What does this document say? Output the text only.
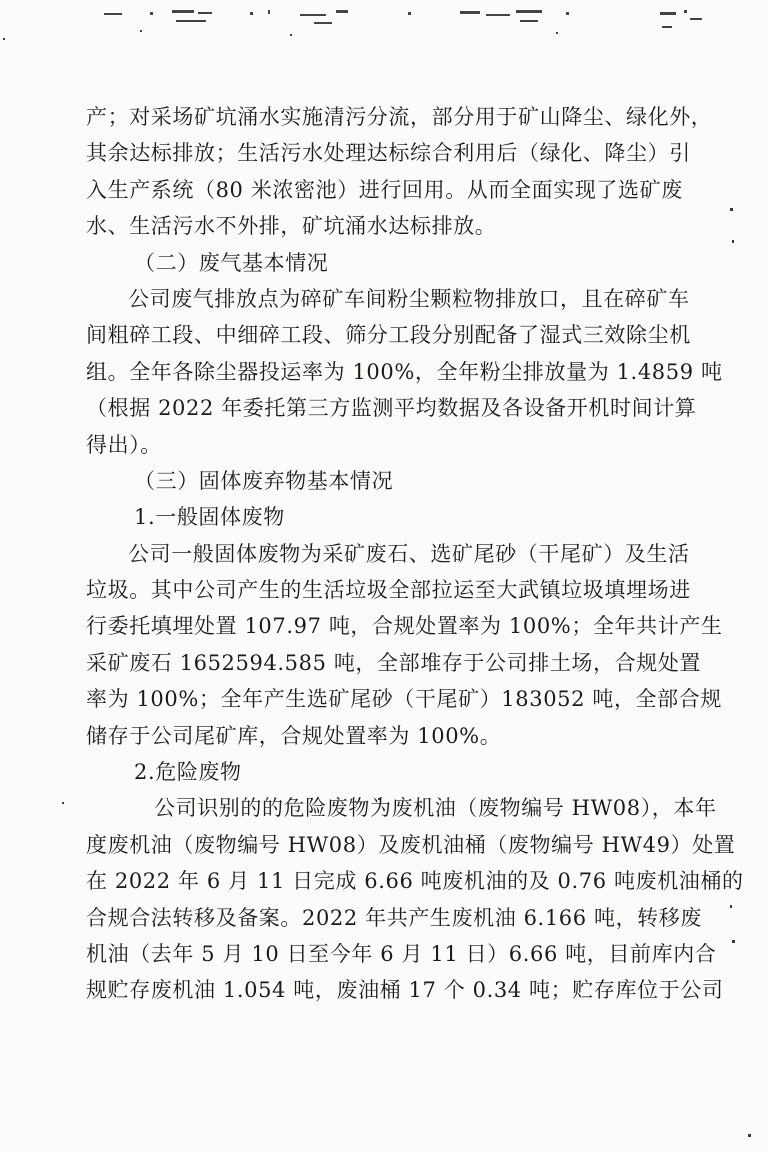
产；对采场矿坑涌水实施清污分流，部分用于矿山降尘、绿化外，
其余达标排放；生活污水处理达标综合利用后（绿化、降尘）引
入生产系统（80 米浓密池）进行回用。从而全面实现了选矿废
水、生活污水不外排，矿坑涌水达标排放。
（二）废气基本情况
公司废气排放点为碎矿车间粉尘颗粒物排放口，且在碎矿车
间粗碎工段、中细碎工段、筛分工段分别配备了湿式三效除尘机
组。全年各除尘器投运率为 100%，全年粉尘排放量为 1.4859 吨
（根据 2022 年委托第三方监测平均数据及各设备开机时间计算
得出）。
（三）固体废弃物基本情况
1.一般固体废物
公司一般固体废物为采矿废石、选矿尾砂（干尾矿）及生活
垃圾。其中公司产生的生活垃圾全部拉运至大武镇垃圾填埋场进
行委托填埋处置 107.97 吨，合规处置率为 100%；全年共计产生
采矿废石 1652594.585 吨，全部堆存于公司排土场，合规处置
率为 100%；全年产生选矿尾砂（干尾矿）183052 吨，全部合规
储存于公司尾矿库，合规处置率为 100%。
2.危险废物
公司识别的的危险废物为废机油（废物编号 HW08），本年
度废机油（废物编号 HW08）及废机油桶（废物编号 HW49）处置
在 2022 年 6 月 11 日完成 6.66 吨废机油的及 0.76 吨废机油桶的
合规合法转移及备案。2022 年共产生废机油 6.166 吨，转移废
机油（去年 5 月 10 日至今年 6 月 11 日）6.66 吨，目前库内合
规贮存废机油 1.054 吨，废油桶 17 个 0.34 吨；贮存库位于公司
